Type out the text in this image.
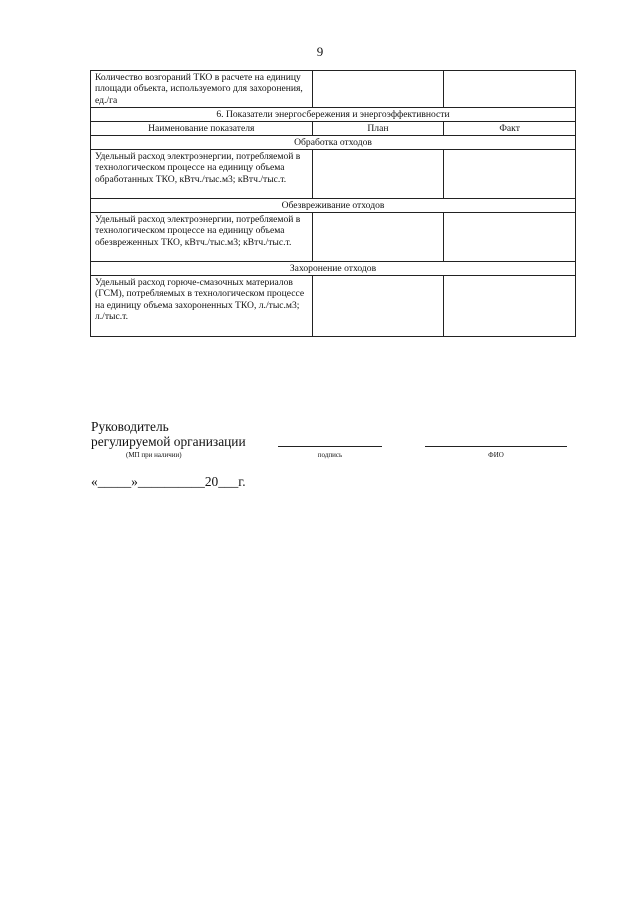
9
Количество возгораний ТКО в расчете на единицу площади объекта, используемого для захоронения, ед./га		
6. Показатели энергосбережения и энергоэффективности		
Наименование показателя	План	Факт
Обработка отходов		
Удельный расход электроэнергии, потребляемой в технологическом процессе на единицу объема обработанных ТКО, кВтч./тыс.м3; кВтч./тыс.т.		
Обезвреживание отходов		
Удельный расход электроэнергии, потребляемой в технологическом процессе на единицу объема обезвреженных ТКО, кВтч./тыс.м3; кВтч./тыс.т.		
Захоронение отходов		
Удельный расход горюче-смазочных материалов (ГСМ), потребляемых в технологическом процессе на единицу объема захороненных ТКО, л./тыс.м3; л./тыс.т.		
Руководитель
регулируемой организации
(МП при наличии)	подпись	ФИО
«_____»__________20___г.
